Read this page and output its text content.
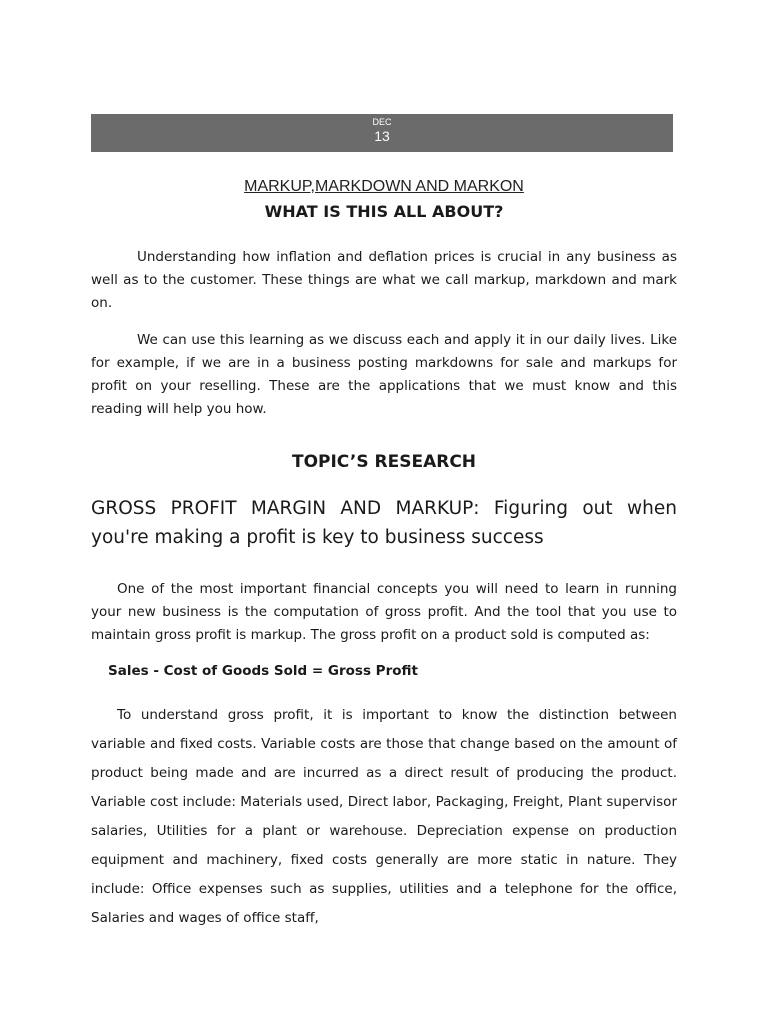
DEC
13
MARKUP,MARKDOWN AND MARKON
WHAT IS THIS ALL ABOUT?

Understanding how inflation and deflation prices is crucial in any business as well as to the customer. These things are what we call markup, markdown and mark on.

We can use this learning as we discuss each and apply it in our daily lives. Like for example, if we are in a business posting markdowns for sale and markups for profit on your reselling. These are the applications that we must know and this reading will help you how.

TOPIC’S RESEARCH

GROSS PROFIT MARGIN AND MARKUP: Figuring out when you're making a profit is key to business success

One of the most important financial concepts you will need to learn in running your new business is the computation of gross profit. And the tool that you use to maintain gross profit is markup. The gross profit on a product sold is computed as:

Sales - Cost of Goods Sold = Gross Profit

To understand gross profit, it is important to know the distinction between variable and fixed costs. Variable costs are those that change based on the amount of product being made and are incurred as a direct result of producing the product. Variable cost include: Materials used, Direct labor, Packaging, Freight, Plant supervisor salaries, Utilities for a plant or warehouse. Depreciation expense on production equipment and machinery, fixed costs generally are more static in nature. They include: Office expenses such as supplies, utilities and a telephone for the office, Salaries and wages of office staff,
